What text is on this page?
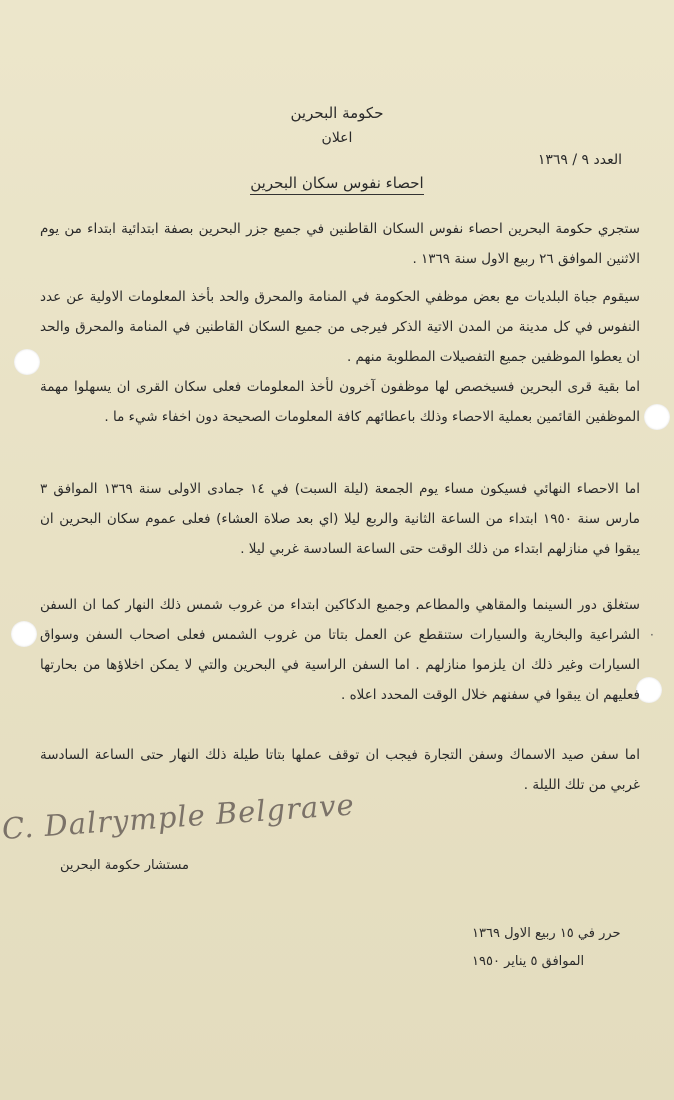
حكومة البحرين
اعلان
العدد ٩ / ١٣٦٩
احصاء نفوس سكان البحرين
ستجري حكومة البحرين احصاء نفوس السكان القاطنين في جميع جزر البحرين بصفة ابتدائية ابتداء من يوم الاثنين الموافق ٢٦ ربيع الاول سنة ١٣٦٩ .
سيقوم جباة البلديات مع بعض موظفي الحكومة في المنامة والمحرق والحد بأخذ المعلومات الاولية عن عدد النفوس في كل مدينة من المدن الاتية الذكر فيرجى من جميع السكان القاطنين في المنامة والمحرق والحد ان يعطوا الموظفين جميع التفصيلات المطلوبة منهم .
اما بقية قرى البحرين فسيخصص لها موظفون آخرون لأخذ المعلومات فعلى سكان القرى ان يسهلوا مهمة الموظفين القائمين بعملية الاحصاء وذلك باعطائهم كافة المعلومات الصحيحة دون اخفاء شيء ما .
اما الاحصاء النهائي فسيكون مساء يوم الجمعة (ليلة السبت) في ١٤ جمادى الاولى سنة ١٣٦٩ الموافق ٣ مارس سنة ١٩٥٠ ابتداء من الساعة الثانية والربع ليلا (اي بعد صلاة العشاء) فعلى عموم سكان البحرين ان يبقوا في منازلهم ابتداء من ذلك الوقت حتى الساعة السادسة غربي ليلا .
ستغلق دور السينما والمقاهي والمطاعم وجميع الدكاكين ابتداء من غروب شمس ذلك النهار كما ان السفن الشراعية والبخارية والسيارات ستنقطع عن العمل بتاتا من غروب الشمس فعلى اصحاب السفن وسواق السيارات وغير ذلك ان يلزموا منازلهم . اما السفن الراسية في البحرين والتي لا يمكن اخلاؤها من بحارتها فعليهم ان يبقوا في سفنهم خلال الوقت المحدد اعلاه .
اما سفن صيد الاسماك وسفن التجارة فيجب ان توقف عملها بتاتا طيلة ذلك النهار حتى الساعة السادسة غربي من تلك الليلة .
·
C. Dalrymple Belgrave
مستشار حكومة البحرين
حرر في ١٥ ربيع الاول ١٣٦٩
الموافق ٥ يناير ١٩٥٠
